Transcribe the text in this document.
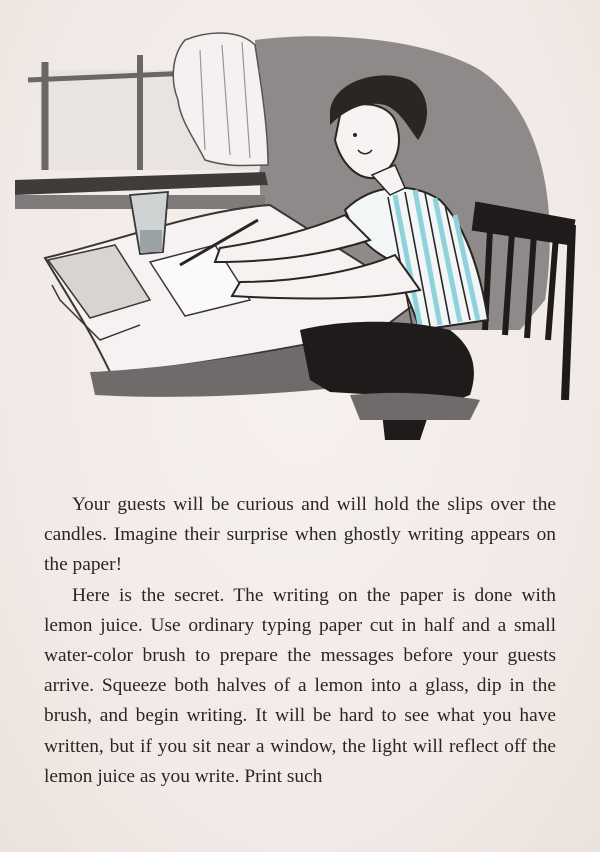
Your guests will be curious and will hold the slips over the candles. Imagine their surprise when ghostly writing appears on the paper!

Here is the secret. The writing on the paper is done with lemon juice. Use ordinary typing paper cut in half and a small water-color brush to prepare the messages before your guests arrive. Squeeze both halves of a lemon into a glass, dip in the brush, and begin writing. It will be hard to see what you have written, but if you sit near a window, the light will reflect off the lemon juice as you write. Print such
